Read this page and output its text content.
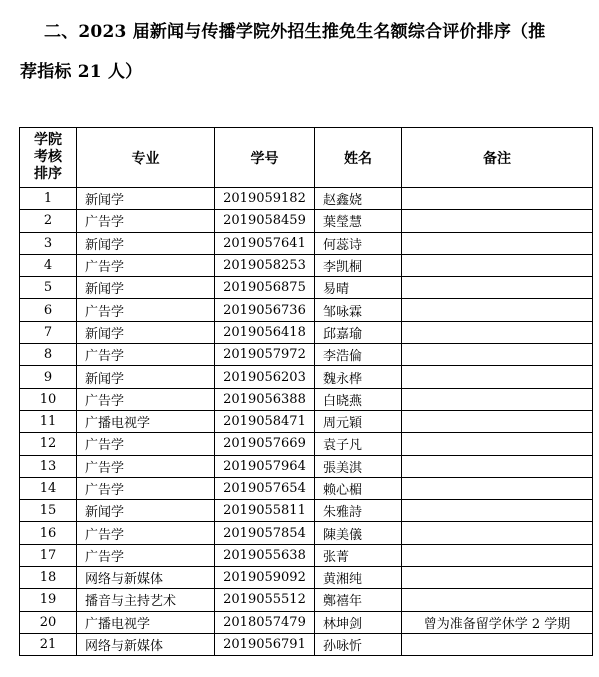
二、2023 届新闻与传播学院外招生推免生名额综合评价排序（推
荐指标 21 人）
学院
考核
排序	专业	学号	姓名	备注
1	新闻学	2019059182	赵鑫娆	
2	广告学	2019058459	葉瑩慧	
3	新闻学	2019057641	何蕊诗	
4	广告学	2019058253	李凯桐	
5	新闻学	2019056875	易晴	
6	广告学	2019056736	邹咏霖	
7	新闻学	2019056418	邱嘉瑜	
8	广告学	2019057972	李浩倫	
9	新闻学	2019056203	魏永桦	
10	广告学	2019056388	白晓燕	
11	广播电视学	2019058471	周元穎	
12	广告学	2019057669	袁子凡	
13	广告学	2019057964	張美淇	
14	广告学	2019057654	赖心楣	
15	新闻学	2019055811	朱雅詩	
16	广告学	2019057854	陳美儀	
17	广告学	2019055638	张菁	
18	网络与新媒体	2019059092	黄湘纯	
19	播音与主持艺术	2019055512	鄭禧年	
20	广播电视学	2018057479	林坤剑	曾为准备留学休学 2 学期
21	网络与新媒体	2019056791	孙咏忻	
